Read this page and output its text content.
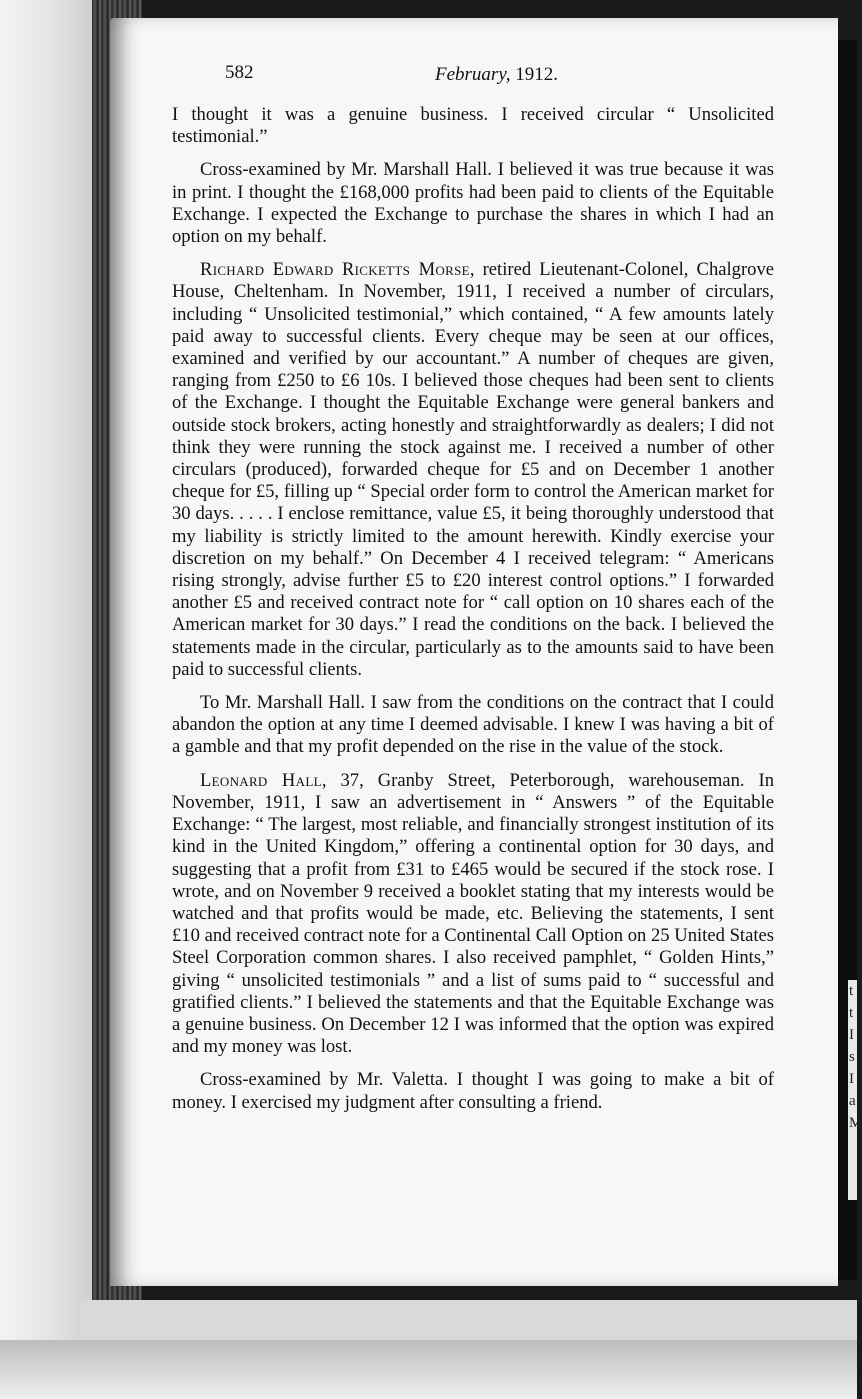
t
t
I
s
I
a
M
582	February, 1912.

I thought it was a genuine business. I received circular “ Unsolicited testimonial.”

Cross-examined by Mr. Marshall Hall. I believed it was true because it was in print. I thought the £168,000 profits had been paid to clients of the Equitable Exchange. I expected the Exchange to purchase the shares in which I had an option on my behalf.

Richard Edward Ricketts Morse, retired Lieutenant-Colonel, Chalgrove House, Cheltenham. In November, 1911, I received a number of circulars, including “ Unsolicited testimonial,” which contained, “ A few amounts lately paid away to successful clients. Every cheque may be seen at our offices, examined and verified by our accountant.” A number of cheques are given, ranging from £250 to £6 10s. I believed those cheques had been sent to clients of the Exchange. I thought the Equitable Exchange were general bankers and outside stock brokers, acting honestly and straightforwardly as dealers; I did not think they were running the stock against me. I received a number of other circulars (produced), forwarded cheque for £5 and on December 1 another cheque for £5, filling up “ Special order form to control the American market for 30 days. . . . . I enclose remittance, value £5, it being thoroughly understood that my liability is strictly limited to the amount herewith. Kindly exercise your discretion on my behalf.” On December 4 I received telegram: “ Americans rising strongly, advise further £5 to £20 interest control options.” I forwarded another £5 and received contract note for “ call option on 10 shares each of the American market for 30 days.” I read the conditions on the back. I believed the statements made in the circular, particularly as to the amounts said to have been paid to successful clients.

To Mr. Marshall Hall. I saw from the conditions on the contract that I could abandon the option at any time I deemed advisable. I knew I was having a bit of a gamble and that my profit depended on the rise in the value of the stock.

Leonard Hall, 37, Granby Street, Peterborough, warehouseman. In November, 1911, I saw an advertisement in “ Answers ” of the Equitable Exchange: “ The largest, most reliable, and financially strongest institution of its kind in the United Kingdom,” offering a continental option for 30 days, and suggesting that a profit from £31 to £465 would be secured if the stock rose. I wrote, and on November 9 received a booklet stating that my interests would be watched and that profits would be made, etc. Believing the statements, I sent £10 and received contract note for a Continental Call Option on 25 United States Steel Corporation common shares. I also received pamphlet, “ Golden Hints,” giving “ unsolicited testimonials ” and a list of sums paid to “ successful and gratified clients.” I believed the statements and that the Equitable Exchange was a genuine business. On December 12 I was informed that the option was expired and my money was lost.

Cross-examined by Mr. Valetta. I thought I was going to make a bit of money. I exercised my judgment after consulting a friend.
